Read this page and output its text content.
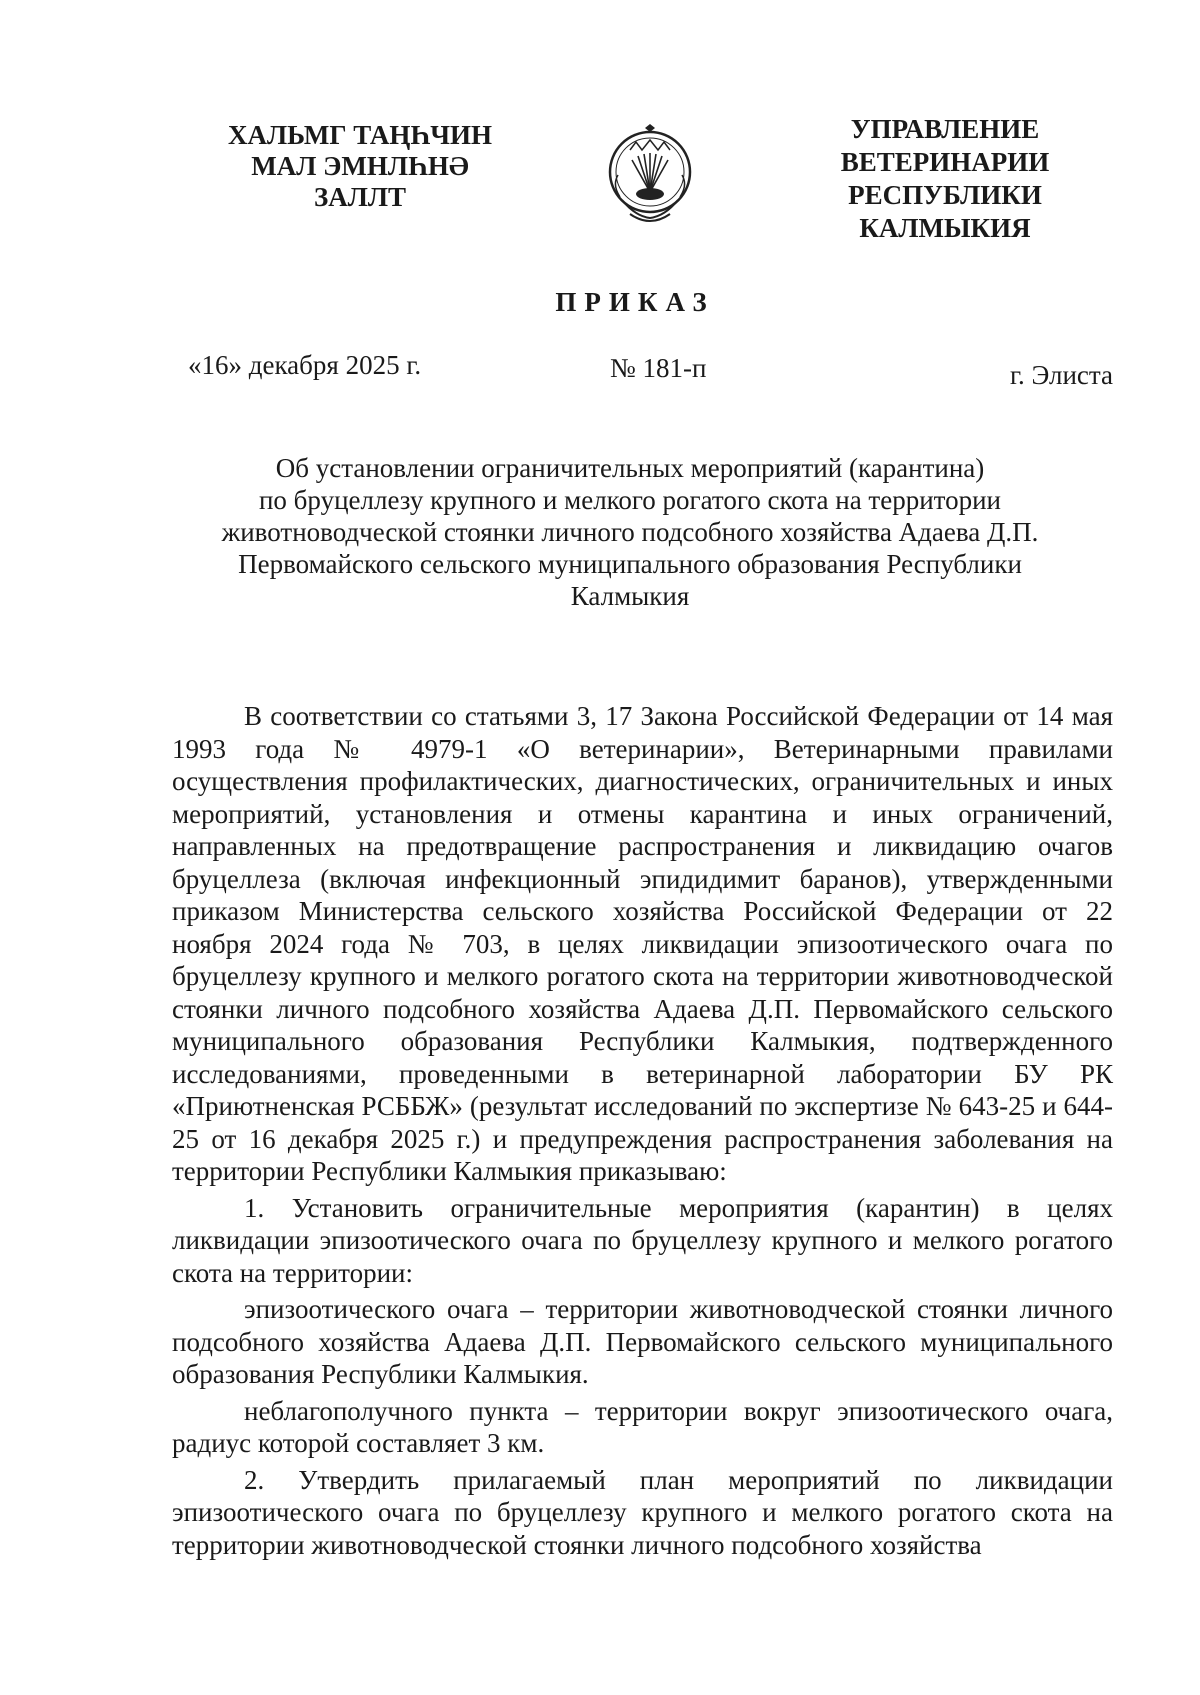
ХАЛЬМГ ТАҢҺЧИН
МАЛ ЭМНЛҺНӘ
ЗАЛЛТ
УПРАВЛЕНИЕ
ВЕТЕРИНАРИИ
РЕСПУБЛИКИ
КАЛМЫКИЯ
ПРИКАЗ
«16» декабря 2025 г.	№ 181-п	г. Элиста
Об установлении ограничительных мероприятий (карантина)
по бруцеллезу крупного и мелкого рогатого скота на территории
животноводческой стоянки личного подсобного хозяйства Адаева Д.П.
Первомайского сельского муниципального образования Республики
Калмыкия

В соответствии со статьями 3, 17 Закона Российской Федерации от 14 мая 1993 года № 4979-1 «О ветеринарии», Ветеринарными правилами осуществления профилактических, диагностических, ограничительных и иных мероприятий, установления и отмены карантина и иных ограничений, направленных на предотвращение распространения и ликвидацию очагов бруцеллеза (включая инфекционный эпидидимит баранов), утвержденными приказом Министерства сельского хозяйства Российской Федерации от 22 ноября 2024 года № 703, в целях ликвидации эпизоотического очага по бруцеллезу крупного и мелкого рогатого скота на территории животноводческой стоянки личного подсобного хозяйства Адаева Д.П. Первомайского сельского муниципального образования Республики Калмыкия, подтвержденного исследованиями, проведенными в ветеринарной лаборатории БУ РК «Приютненская РСББЖ» (результат исследований по экспертизе № 643-25 и 644-25 от 16 декабря 2025 г.) и предупреждения распространения заболевания на территории Республики Калмыкия приказываю:

1. Установить ограничительные мероприятия (карантин) в целях ликвидации эпизоотического очага по бруцеллезу крупного и мелкого рогатого скота на территории:

эпизоотического очага – территории животноводческой стоянки личного подсобного хозяйства Адаева Д.П. Первомайского сельского муниципального образования Республики Калмыкия.

неблагополучного пункта – территории вокруг эпизоотического очага, радиус которой составляет 3 км.

2. Утвердить прилагаемый план мероприятий по ликвидации эпизоотического очага по бруцеллезу крупного и мелкого рогатого скота на территории животноводческой стоянки личного подсобного хозяйства
